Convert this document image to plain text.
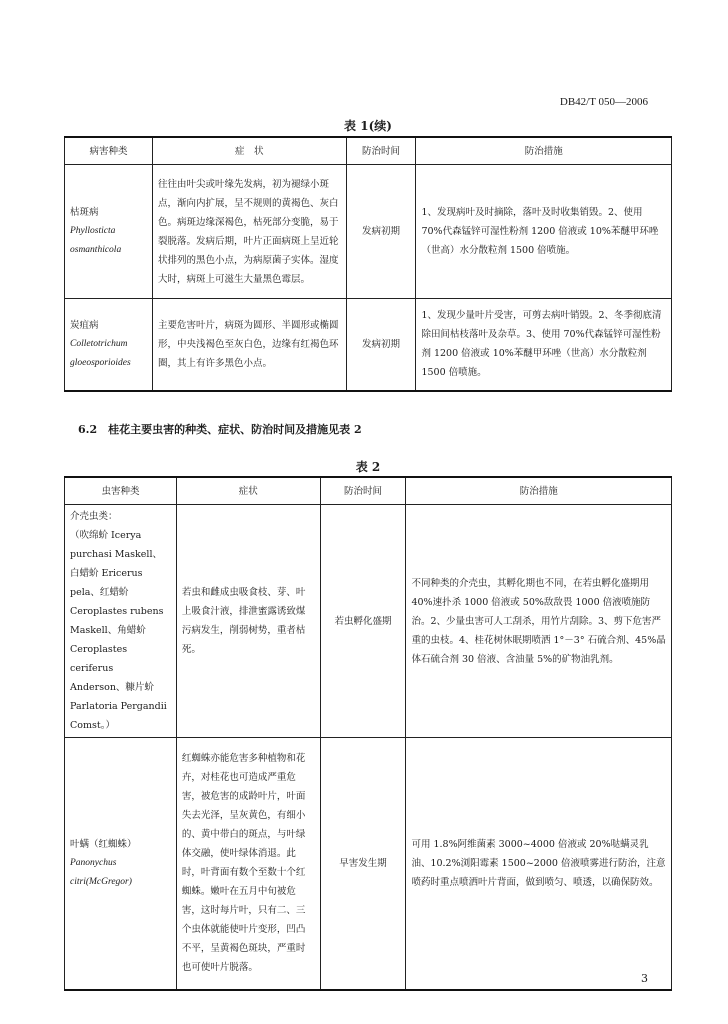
DB42/T 050—2006
表 1(续)
病害种类	症　状	防治时间	防治措施

枯斑病
Phyllosticta
osmanthicola	往往由叶尖或叶缘先发病，初为褪绿小斑点，渐向内扩展，呈不规则的黄褐色、灰白色。病斑边缘深褐色，枯死部分变脆，易于裂脱落。发病后期，叶片正面病斑上呈近轮状排列的黑色小点，为病原菌子实体。湿度大时，病斑上可滋生大量黑色霉层。	发病初期	1、发现病叶及时摘除，落叶及时收集销毁。2、使用 70%代森锰锌可湿性粉剂 1200 倍液或 10%苯醚甲环唑（世高）水分散粒剂 1500 倍喷施。

炭疽病
Colletotrichum
gloeosporioides	主要危害叶片，病斑为圆形、半圆形或椭圆形，中央浅褐色至灰白色，边缘有红褐色环圈，其上有许多黑色小点。	发病初期	1、发现少量叶片受害，可剪去病叶销毁。2、冬季彻底清除田间枯枝落叶及杂草。3、使用 70%代森锰锌可湿性粉剂 1200 倍液或 10%苯醚甲环唑（世高）水分散粒剂 1500 倍喷施。
6.2　桂花主要虫害的种类、症状、防治时间及措施见表 2
表 2
虫害种类	症状	防治时间	防治措施

介壳虫类：
（吹绵蚧 Icerya purchasi Maskell、白蜡蚧 Ericerus pela、红蜡蚧 Ceroplastes rubens Maskell、角蜡蚧 Ceroplastes ceriferus Anderson、糠片蚧 Parlatoria Pergandii Comst。）	若虫和雌成虫吸食枝、芽、叶上吸食汁液，排泄蜜露诱致煤污病发生，削弱树势，重者枯死。	若虫孵化盛期	不同种类的介壳虫，其孵化期也不同，在若虫孵化盛期用 40%速扑杀 1000 倍液或 50%敌敌畏 1000 倍液喷施防治。2、少量虫害可人工刮杀，用竹片刮除。3、剪下危害严重的虫枝。4、桂花树休眠期喷洒 1°－3° 石硫合剂、45%晶体石硫合剂 30 倍液、含油量 5%的矿物油乳剂。

叶螨（红蜘蛛）
Panonychus
citri(McGregor)	红蜘蛛亦能危害多种植物和花卉，对桂花也可造成严重危害，被危害的成龄叶片，叶面失去光泽，呈灰黄色，有细小的、黄中带白的斑点，与叶绿体交融，使叶绿体消退。此时，叶背面有数个至数十个红蜘蛛。嫩叶在五月中旬被危害，这时每片叶，只有二、三个虫体就能使叶片变形，凹凸不平，呈黄褐色斑块，严重时也可使叶片脱落。	早害发生期	可用 1.8%阿维菌素 3000~4000 倍液或 20%哒螨灵乳油、10.2%浏阳霉素 1500~2000 倍液喷雾进行防治，注意喷药时重点喷洒叶片背面，做到喷匀、喷透，以确保防效。
3
